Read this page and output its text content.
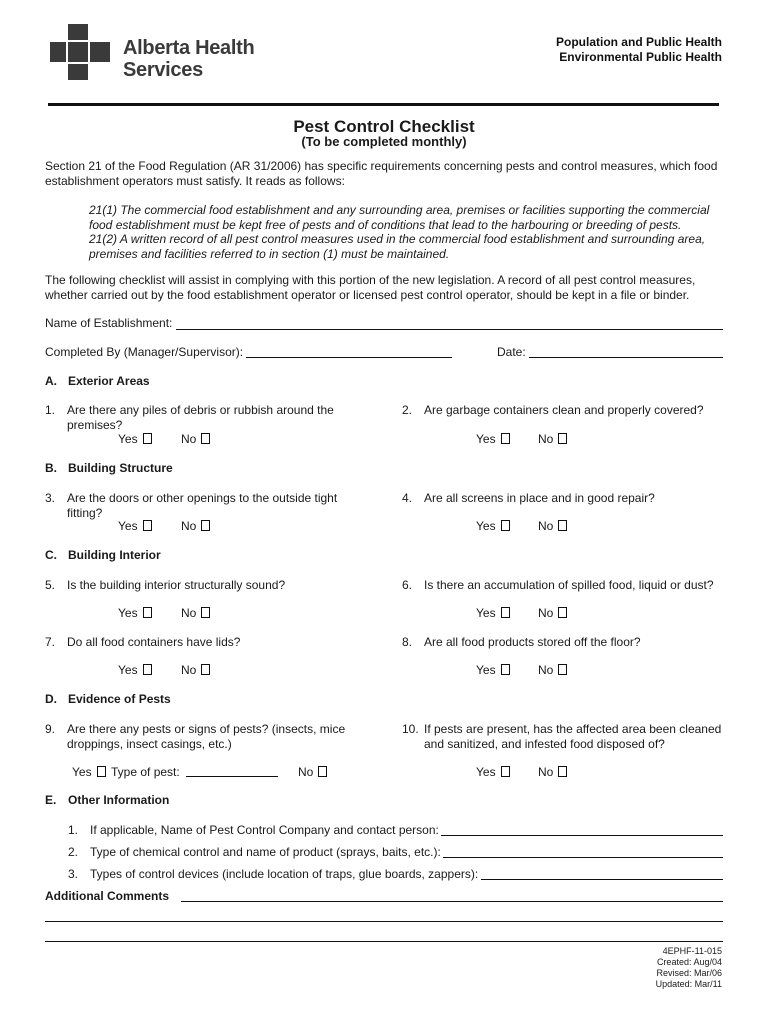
Alberta Health
Services
Population and Public Health
Environmental Public Health
Pest Control Checklist
(To be completed monthly)
Section 21 of the Food Regulation (AR 31/2006) has specific requirements concerning pests and control measures, which food
establishment operators must satisfy. It reads as follows:
21(1) The commercial food establishment and any surrounding area, premises or facilities supporting the commercial
food establishment must be kept free of pests and of conditions that lead to the harbouring or breeding of pests.
21(2) A written record of all pest control measures used in the commercial food establishment and surrounding area,
premises and facilities referred to in section (1) must be maintained.
The following checklist will assist in complying with this portion of the new legislation. A record of all pest control measures,
whether carried out by the food establishment operator or licensed pest control operator, should be kept in a file or binder.
Name of Establishment:
Completed By (Manager/Supervisor):	Date:
A. Exterior Areas
1. Are there any piles of debris or rubbish around the
premises?
Yes	No
2. Are garbage containers clean and properly covered?
Yes	No
B. Building Structure
3. Are the doors or other openings to the outside tight
fitting?
Yes	No
4. Are all screens in place and in good repair?
Yes	No
C. Building Interior
5. Is the building interior structurally sound?
Yes	No
6. Is there an accumulation of spilled food, liquid or dust?
Yes	No
7. Do all food containers have lids?
Yes	No
8. Are all food products stored off the floor?
Yes	No
D. Evidence of Pests
9. Are there any pests or signs of pests? (insects, mice
droppings, insect casings, etc.)
Yes	Type of pest:	No
10. If pests are present, has the affected area been cleaned
and sanitized, and infested food disposed of?
Yes	No
E. Other Information
1. If applicable, Name of Pest Control Company and contact person:
2. Type of chemical control and name of product (sprays, baits, etc.):
3. Types of control devices (include location of traps, glue boards, zappers):
Additional Comments
4EPHF-11-015
Created: Aug/04
Revised: Mar/06
Updated: Mar/11
